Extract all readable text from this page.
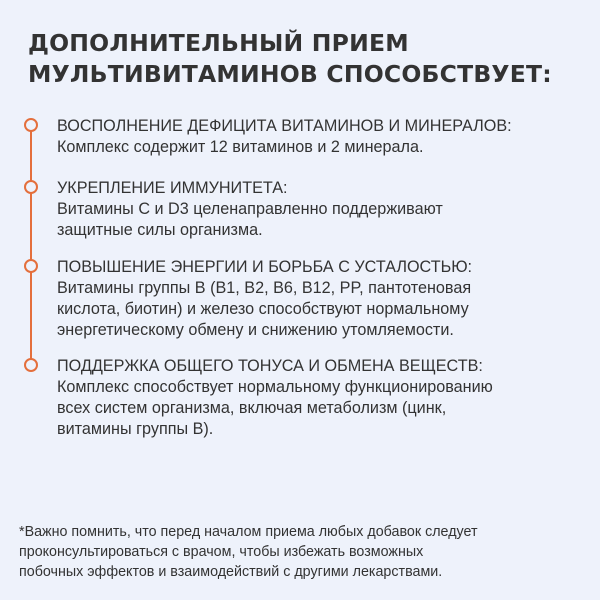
ДОПОЛНИТЕЛЬНЫЙ ПРИЕМ
МУЛЬТИВИТАМИНОВ СПОСОБСТВУЕТ:
ВОСПОЛНЕНИЕ ДЕФИЦИТА ВИТАМИНОВ И МИНЕРАЛОВ:
Комплекс содержит 12 витаминов и 2 минерала.
УКРЕПЛЕНИЕ ИММУНИТЕТА:
Витамины C и D3 целенаправленно поддерживают
защитные силы организма.
ПОВЫШЕНИЕ ЭНЕРГИИ И БОРЬБА С УСТАЛОСТЬЮ:
Витамины группы B (B1, B2, B6, B12, PP, пантотеновая
кислота, биотин) и железо способствуют нормальному
энергетическому обмену и снижению утомляемости.
ПОДДЕРЖКА ОБЩЕГО ТОНУСА И ОБМЕНА ВЕЩЕСТВ:
Комплекс способствует нормальному функционированию
всех систем организма, включая метаболизм (цинк,
витамины группы B).
*Важно помнить, что перед началом приема любых добавок следует
проконсультироваться с врачом, чтобы избежать возможных
побочных эффектов и взаимодействий с другими лекарствами.
